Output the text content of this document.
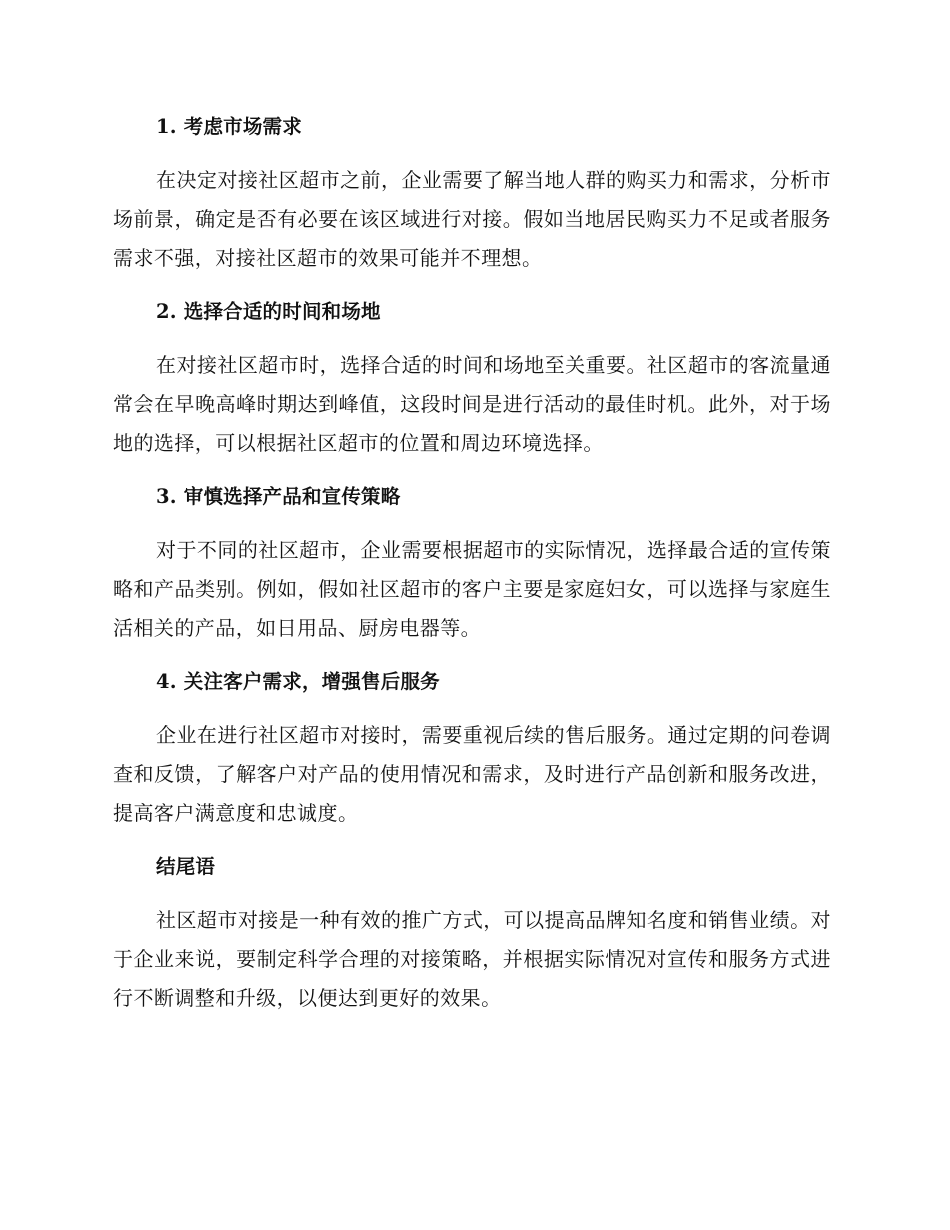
1. 考虑市场需求

在决定对接社区超市之前，企业需要了解当地人群的购买力和需求，分析市场前景，确定是否有必要在该区域进行对接。假如当地居民购买力不足或者服务需求不强，对接社区超市的效果可能并不理想。

2. 选择合适的时间和场地

在对接社区超市时，选择合适的时间和场地至关重要。社区超市的客流量通常会在早晚高峰时期达到峰值，这段时间是进行活动的最佳时机。此外，对于场地的选择，可以根据社区超市的位置和周边环境选择。

3. 审慎选择产品和宣传策略

对于不同的社区超市，企业需要根据超市的实际情况，选择最合适的宣传策略和产品类别。例如，假如社区超市的客户主要是家庭妇女，可以选择与家庭生活相关的产品，如日用品、厨房电器等。

4. 关注客户需求，增强售后服务

企业在进行社区超市对接时，需要重视后续的售后服务。通过定期的问卷调查和反馈，了解客户对产品的使用情况和需求，及时进行产品创新和服务改进，提高客户满意度和忠诚度。

结尾语

社区超市对接是一种有效的推广方式，可以提高品牌知名度和销售业绩。对于企业来说，要制定科学合理的对接策略，并根据实际情况对宣传和服务方式进行不断调整和升级，以便达到更好的效果。
